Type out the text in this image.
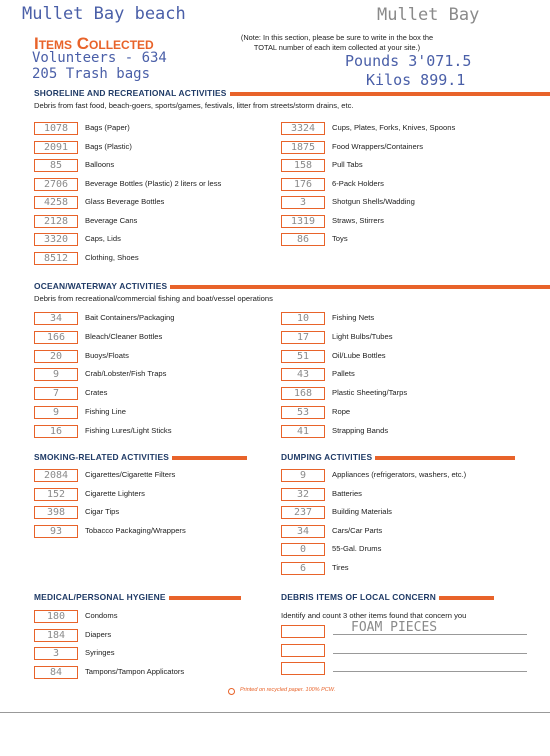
Mullet Bay beach	Mullet Bay
Items Collected
Volunteers - 634
205 Trash bags
(Note: In this section, please be sure to write in the box the TOTAL number of each item collected at your site.)
Pounds 3'071.5
Kilos 899.1
SHORELINE AND RECREATIONAL ACTIVITIES
Debris from fast food, beach-goers, sports/games, festivals, litter from streets/storm drains, etc.
1078	Bags (Paper)
2091	Bags (Plastic)
85	Balloons
2706	Beverage Bottles (Plastic) 2 liters or less
4258	Glass Beverage Bottles
2128	Beverage Cans
3320	Caps, Lids
8512	Clothing, Shoes
3324	Cups, Plates, Forks, Knives, Spoons
1875	Food Wrappers/Containers
158	Pull Tabs
176	6-Pack Holders
3	Shotgun Shells/Wadding
1319	Straws, Stirrers
86	Toys
OCEAN/WATERWAY ACTIVITIES
Debris from recreational/commercial fishing and boat/vessel operations
34	Bait Containers/Packaging
166	Bleach/Cleaner Bottles
20	Buoys/Floats
9	Crab/Lobster/Fish Traps
7	Crates
9	Fishing Line
16	Fishing Lures/Light Sticks
10	Fishing Nets
17	Light Bulbs/Tubes
51	Oil/Lube Bottles
43	Pallets
168	Plastic Sheeting/Tarps
53	Rope
41	Strapping Bands
SMOKING-RELATED ACTIVITIES
2084	Cigarettes/Cigarette Filters
152	Cigarette Lighters
398	Cigar Tips
93	Tobacco Packaging/Wrappers
DUMPING ACTIVITIES
9	Appliances (refrigerators, washers, etc.)
32	Batteries
237	Building Materials
34	Cars/Car Parts
0	55-Gal. Drums
6	Tires
MEDICAL/PERSONAL HYGIENE
180	Condoms
184	Diapers
3	Syringes
84	Tampons/Tampon Applicators
DEBRIS ITEMS OF LOCAL CONCERN
Identify and count 3 other items found that concern you
FOAM PIECES
Printed on recycled paper. 100% PCW.
